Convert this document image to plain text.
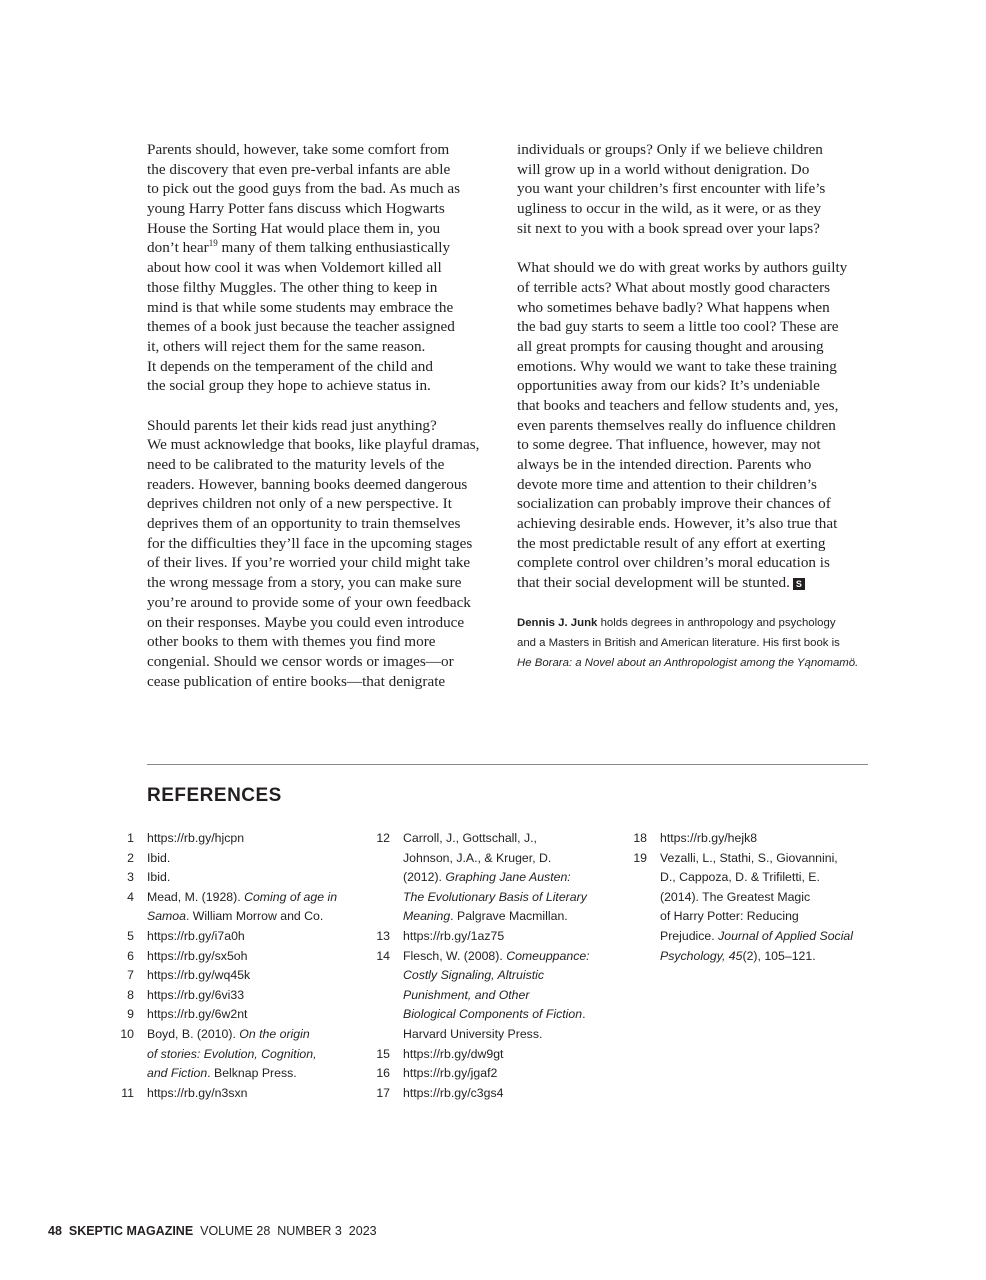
Parents should, however, take some comfort from
the discovery that even pre-verbal infants are able
to pick out the good guys from the bad. As much as
young Harry Potter fans discuss which Hogwarts
House the Sorting Hat would place them in, you
don’t hear$^{19}$ many of them talking enthusiastically
about how cool it was when Voldemort killed all
those filthy Muggles. The other thing to keep in
mind is that while some students may embrace the
themes of a book just because the teacher assigned
it, others will reject them for the same reason.
It depends on the temperament of the child and
the social group they hope to achieve status in.
Should parents let their kids read just anything?
We must acknowledge that books, like playful dramas,
need to be calibrated to the maturity levels of the
readers. However, banning books deemed dangerous
deprives children not only of a new perspective. It
deprives them of an opportunity to train themselves
for the difficulties they’ll face in the upcoming stages
of their lives. If you’re worried your child might take
the wrong message from a story, you can make sure
you’re around to provide some of your own feedback
on their responses. Maybe you could even introduce
other books to them with themes you find more
congenial. Should we censor words or images—or
cease publication of entire books—that denigrate
individuals or groups? Only if we believe children
will grow up in a world without denigration. Do
you want your children’s first encounter with life’s
ugliness to occur in the wild, as it were, or as they
sit next to you with a book spread over your laps?
What should we do with great works by authors guilty
of terrible acts? What about mostly good characters
who sometimes behave badly? What happens when
the bad guy starts to seem a little too cool? These are
all great prompts for causing thought and arousing
emotions. Why would we want to take these training
opportunities away from our kids? It’s undeniable
that books and teachers and fellow students and, yes,
even parents themselves really do influence children
to some degree. That influence, however, may not
always be in the intended direction. Parents who
devote more time and attention to their children’s
socialization can probably improve their chances of
achieving desirable ends. However, it’s also true that
the most predictable result of any effort at exerting
complete control over children’s moral education is
that their social development will be stunted. S
Dennis J. Junk holds degrees in anthropology and psychology
and a Masters in British and American literature. His first book is
He Borara: a Novel about an Anthropologist among the Yąnomamö.
REFERENCES
1 https://rb.gy/hjcpn
2 Ibid.
3 Ibid.
4 Mead, M. (1928). Coming of age in
Samoa. William Morrow and Co.
5 https://rb.gy/i7a0h
6 https://rb.gy/sx5oh
7 https://rb.gy/wq45k
8 https://rb.gy/6vi33
9 https://rb.gy/6w2nt
10 Boyd, B. (2010). On the origin
of stories: Evolution, Cognition,
and Fiction. Belknap Press.
11 https://rb.gy/n3sxn
12 Carroll, J., Gottschall, J.,
Johnson, J.A., & Kruger, D.
(2012). Graphing Jane Austen:
The Evolutionary Basis of Literary
Meaning. Palgrave Macmillan.
13 https://rb.gy/1az75
14 Flesch, W. (2008). Comeuppance:
Costly Signaling, Altruistic
Punishment, and Other
Biological Components of Fiction.
Harvard University Press.
15 https://rb.gy/dw9gt
16 https://rb.gy/jgaf2
17 https://rb.gy/c3gs4
18 https://rb.gy/hejk8
19 Vezalli, L., Stathi, S., Giovannini,
D., Cappoza, D. & Trifiletti, E.
(2014). The Greatest Magic
of Harry Potter: Reducing
Prejudice. Journal of Applied Social
Psychology, 45(2), 105–121.
48 SKEPTIC MAGAZINE VOLUME 28 NUMBER 3 2023
